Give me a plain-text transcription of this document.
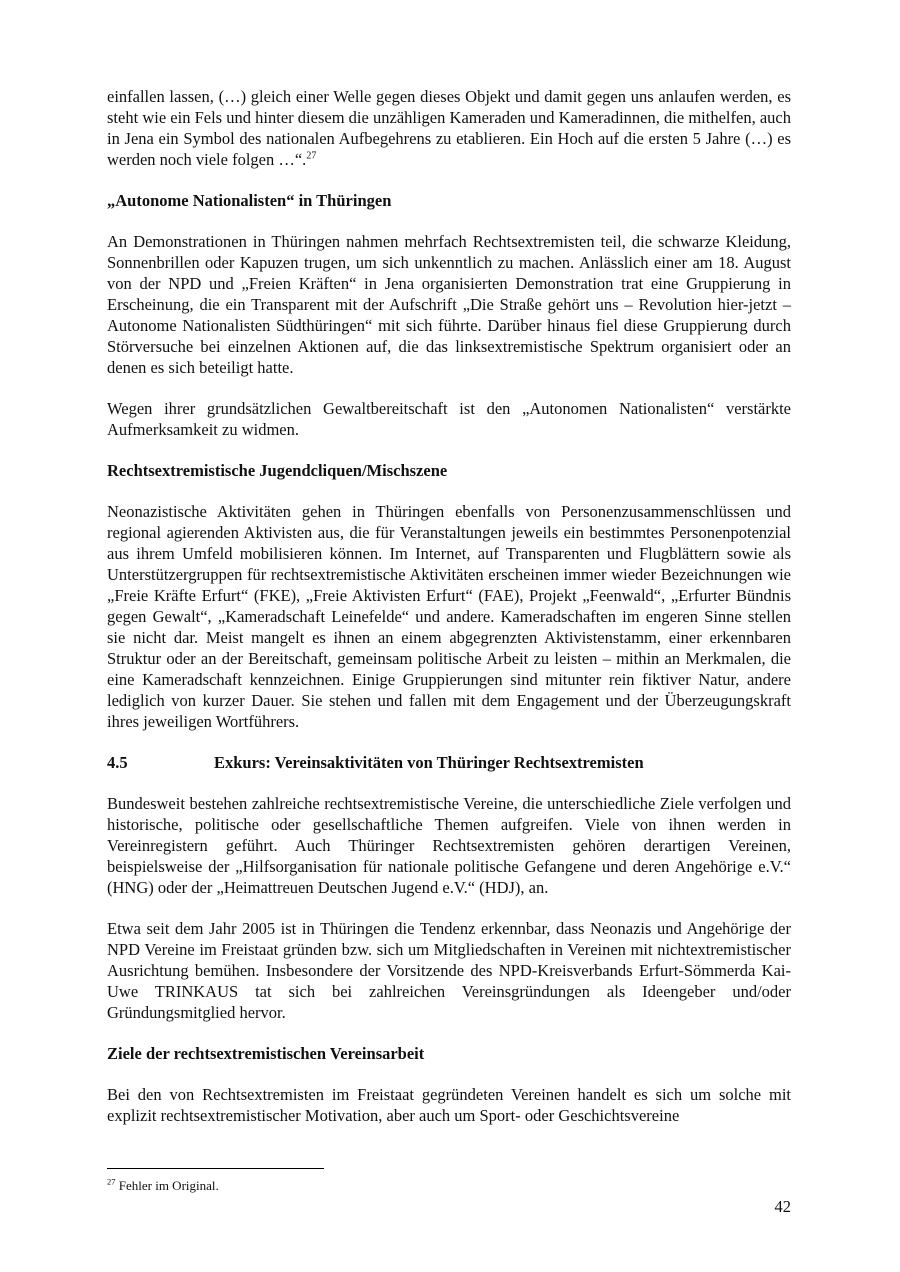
einfallen lassen, (…) gleich einer Welle gegen dieses Objekt und damit gegen uns anlaufen werden, es steht wie ein Fels und hinter diesem die unzähligen Kameraden und Kameradinnen, die mithelfen, auch in Jena ein Symbol des nationalen Aufbegehrens zu etablieren. Ein Hoch auf die ersten 5 Jahre (…) es werden noch viele folgen …“.$^{27}$

„Autonome Nationalisten“ in Thüringen

An Demonstrationen in Thüringen nahmen mehrfach Rechtsextremisten teil, die schwarze Kleidung, Sonnenbrillen oder Kapuzen trugen, um sich unkenntlich zu machen. Anlässlich einer am 18. August von der NPD und „Freien Kräften“ in Jena organisierten Demonstration trat eine Gruppierung in Erscheinung, die ein Transparent mit der Aufschrift „Die Straße gehört uns – Revolution hier-jetzt – Autonome Nationalisten Südthüringen“ mit sich führte. Darüber hinaus fiel diese Gruppierung durch Störversuche bei einzelnen Aktionen auf, die das linksextremistische Spektrum organisiert oder an denen es sich beteiligt hatte.

Wegen ihrer grundsätzlichen Gewaltbereitschaft ist den „Autonomen Nationalisten“ verstärkte Aufmerksamkeit zu widmen.

Rechtsextremistische Jugendcliquen/Mischszene

Neonazistische Aktivitäten gehen in Thüringen ebenfalls von Personenzusammenschlüssen und regional agierenden Aktivisten aus, die für Veranstaltungen jeweils ein bestimmtes Personenpotenzial aus ihrem Umfeld mobilisieren können. Im Internet, auf Transparenten und Flugblättern sowie als Unterstützergruppen für rechtsextremistische Aktivitäten erscheinen immer wieder Bezeichnungen wie „Freie Kräfte Erfurt“ (FKE), „Freie Aktivisten Erfurt“ (FAE), Projekt „Feenwald“, „Erfurter Bündnis gegen Gewalt“, „Kameradschaft Leinefelde“ und andere. Kameradschaften im engeren Sinne stellen sie nicht dar. Meist mangelt es ihnen an einem abgegrenzten Aktivistenstamm, einer erkennbaren Struktur oder an der Bereitschaft, gemeinsam politische Arbeit zu leisten – mithin an Merkmalen, die eine Kameradschaft kennzeichnen. Einige Gruppierungen sind mitunter rein fiktiver Natur, andere lediglich von kurzer Dauer. Sie stehen und fallen mit dem Engagement und der Überzeugungskraft ihres jeweiligen Wortführers.

4.5	Exkurs: Vereinsaktivitäten von Thüringer Rechtsextremisten

Bundesweit bestehen zahlreiche rechtsextremistische Vereine, die unterschiedliche Ziele verfolgen und historische, politische oder gesellschaftliche Themen aufgreifen. Viele von ihnen werden in Vereinregistern geführt. Auch Thüringer Rechtsextremisten gehören derartigen Vereinen, beispielsweise der „Hilfsorganisation für nationale politische Gefangene und deren Angehörige e.V.“ (HNG) oder der „Heimattreuen Deutschen Jugend e.V.“ (HDJ), an.

Etwa seit dem Jahr 2005 ist in Thüringen die Tendenz erkennbar, dass Neonazis und Angehörige der NPD Vereine im Freistaat gründen bzw. sich um Mitgliedschaften in Vereinen mit nichtextremistischer Ausrichtung bemühen. Insbesondere der Vorsitzende des NPD-Kreisverbands Erfurt-Sömmerda Kai-Uwe TRINKAUS tat sich bei zahlreichen Vereinsgründungen als Ideengeber und/oder Gründungsmitglied hervor.

Ziele der rechtsextremistischen Vereinsarbeit

Bei den von Rechtsextremisten im Freistaat gegründeten Vereinen handelt es sich um solche mit explizit rechtsextremistischer Motivation, aber auch um Sport- oder Geschichtsvereine

$^{27}$ Fehler im Original.
42
